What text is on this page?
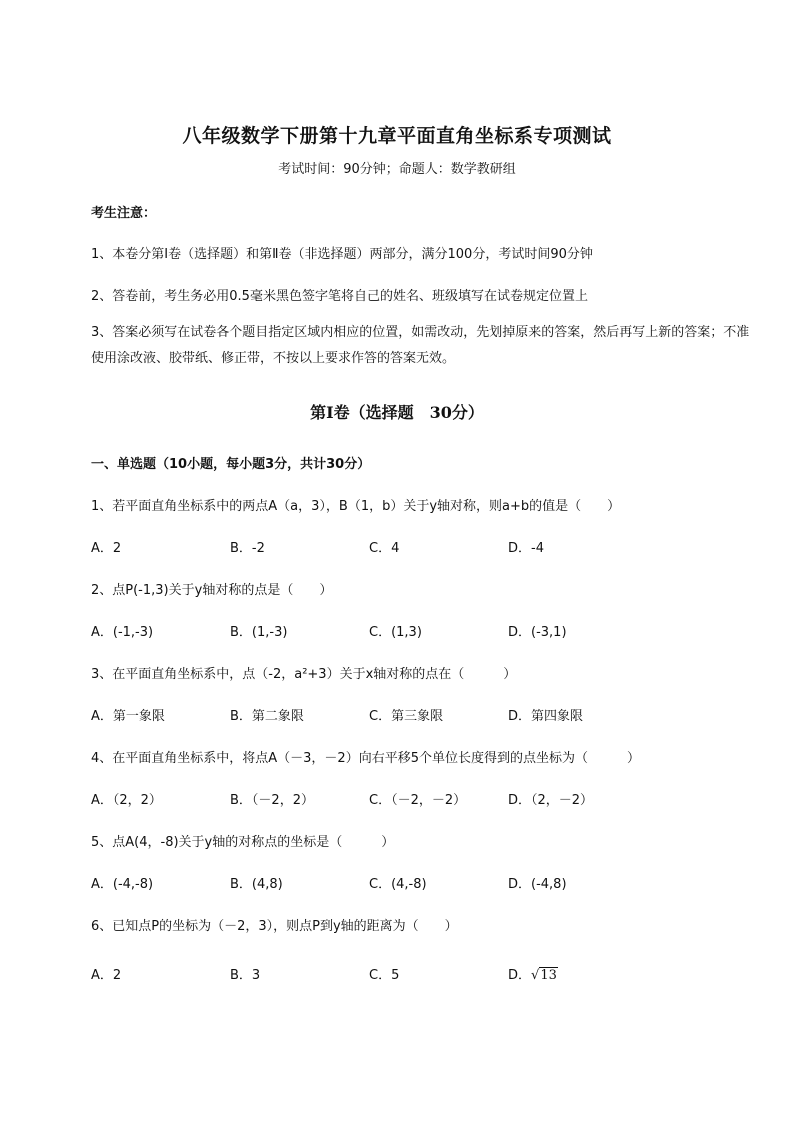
八年级数学下册第十九章平面直角坐标系专项测试
考试时间：90分钟；命题人：数学教研组
考生注意：
1、本卷分第I卷（选择题）和第Ⅱ卷（非选择题）两部分，满分100分，考试时间90分钟
2、答卷前，考生务必用0.5毫米黑色签字笔将自己的姓名、班级填写在试卷规定位置上
3、答案必须写在试卷各个题目指定区域内相应的位置，如需改动，先划掉原来的答案，然后再写上新的答案；不准使用涂改液、胶带纸、修正带，不按以上要求作答的答案无效。
第I卷（选择题　30分）
一、单选题（10小题，每小题3分，共计30分）
1、若平面直角坐标系中的两点A（a，3），B（1，b）关于y轴对称，则a+b的值是（　　）
A．2	B．-2	C．4	D．-4
2、点P(-1,3)关于y轴对称的点是（　　）
A．(-1,-3)	B．(1,-3)	C．(1,3)	D．(-3,1)
3、在平面直角坐标系中，点（-2，a²+3）关于x轴对称的点在（　　　）
A．第一象限	B．第二象限	C．第三象限	D．第四象限
4、在平面直角坐标系中，将点A（－3，－2）向右平移5个单位长度得到的点坐标为（　　　）
A．（2，2）	B．（－2，2）	C．（－2，－2）	D．（2，－2）
5、点A(4，-8)关于y轴的对称点的坐标是（　　　）
A．(-4,-8)	B．(4,8)	C．(4,-8)	D．(-4,8)
6、已知点P的坐标为（－2，3），则点P到y轴的距离为（　　）
A．2	B．3	C．5	D．√13
